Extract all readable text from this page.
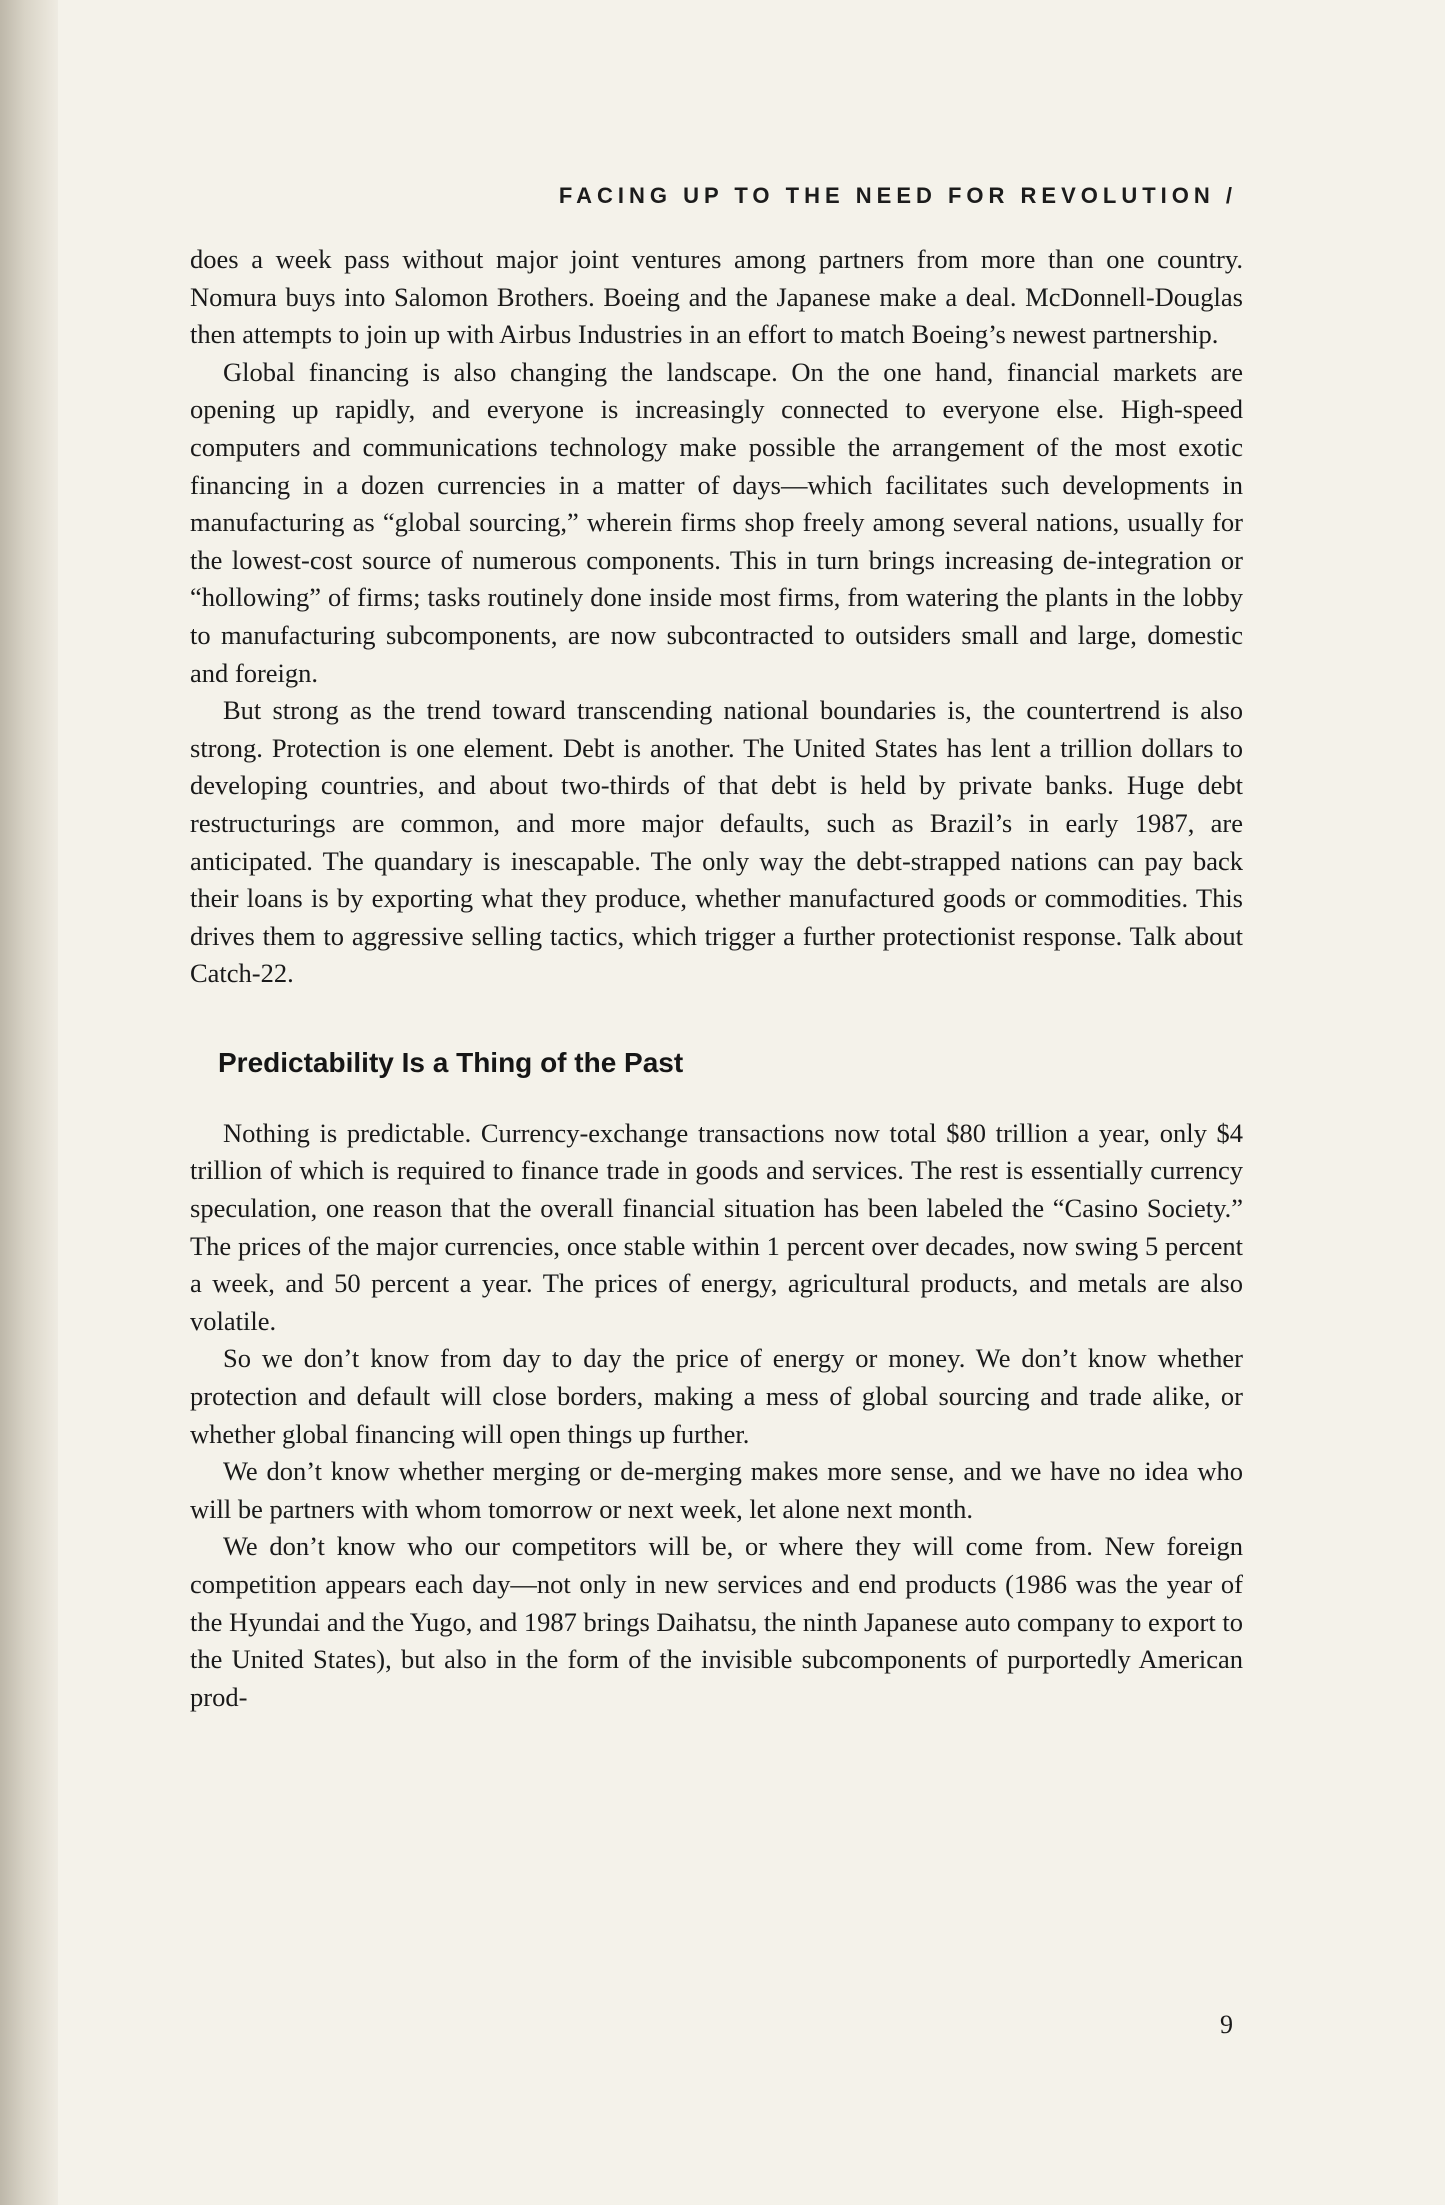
FACING UP TO THE NEED FOR REVOLUTION /

does a week pass without major joint ventures among partners from more than one country. Nomura buys into Salomon Brothers. Boeing and the Japanese make a deal. McDonnell-Douglas then attempts to join up with Airbus Industries in an effort to match Boeing’s newest partnership.

Global financing is also changing the landscape. On the one hand, financial markets are opening up rapidly, and everyone is increasingly connected to everyone else. High-speed computers and communications technology make possible the arrangement of the most exotic financing in a dozen currencies in a matter of days—which facilitates such developments in manufacturing as “global sourcing,” wherein firms shop freely among several nations, usually for the lowest-cost source of numerous components. This in turn brings increasing de-integration or “hollowing” of firms; tasks routinely done inside most firms, from watering the plants in the lobby to manufacturing subcomponents, are now subcontracted to outsiders small and large, domestic and foreign.

But strong as the trend toward transcending national boundaries is, the countertrend is also strong. Protection is one element. Debt is another. The United States has lent a trillion dollars to developing countries, and about two-thirds of that debt is held by private banks. Huge debt restructurings are common, and more major defaults, such as Brazil’s in early 1987, are anticipated. The quandary is inescapable. The only way the debt-strapped nations can pay back their loans is by exporting what they produce, whether manufactured goods or commodities. This drives them to aggressive selling tactics, which trigger a further protectionist response. Talk about Catch-22.

Predictability Is a Thing of the Past

Nothing is predictable. Currency-exchange transactions now total $80 trillion a year, only $4 trillion of which is required to finance trade in goods and services. The rest is essentially currency speculation, one reason that the overall financial situation has been labeled the “Casino Society.” The prices of the major currencies, once stable within 1 percent over decades, now swing 5 percent a week, and 50 percent a year. The prices of energy, agricultural products, and metals are also volatile.

So we don’t know from day to day the price of energy or money. We don’t know whether protection and default will close borders, making a mess of global sourcing and trade alike, or whether global financing will open things up further.

We don’t know whether merging or de-merging makes more sense, and we have no idea who will be partners with whom tomorrow or next week, let alone next month.

We don’t know who our competitors will be, or where they will come from. New foreign competition appears each day—not only in new services and end products (1986 was the year of the Hyundai and the Yugo, and 1987 brings Daihatsu, the ninth Japanese auto company to export to the United States), but also in the form of the invisible subcomponents of purportedly American prod-

9
